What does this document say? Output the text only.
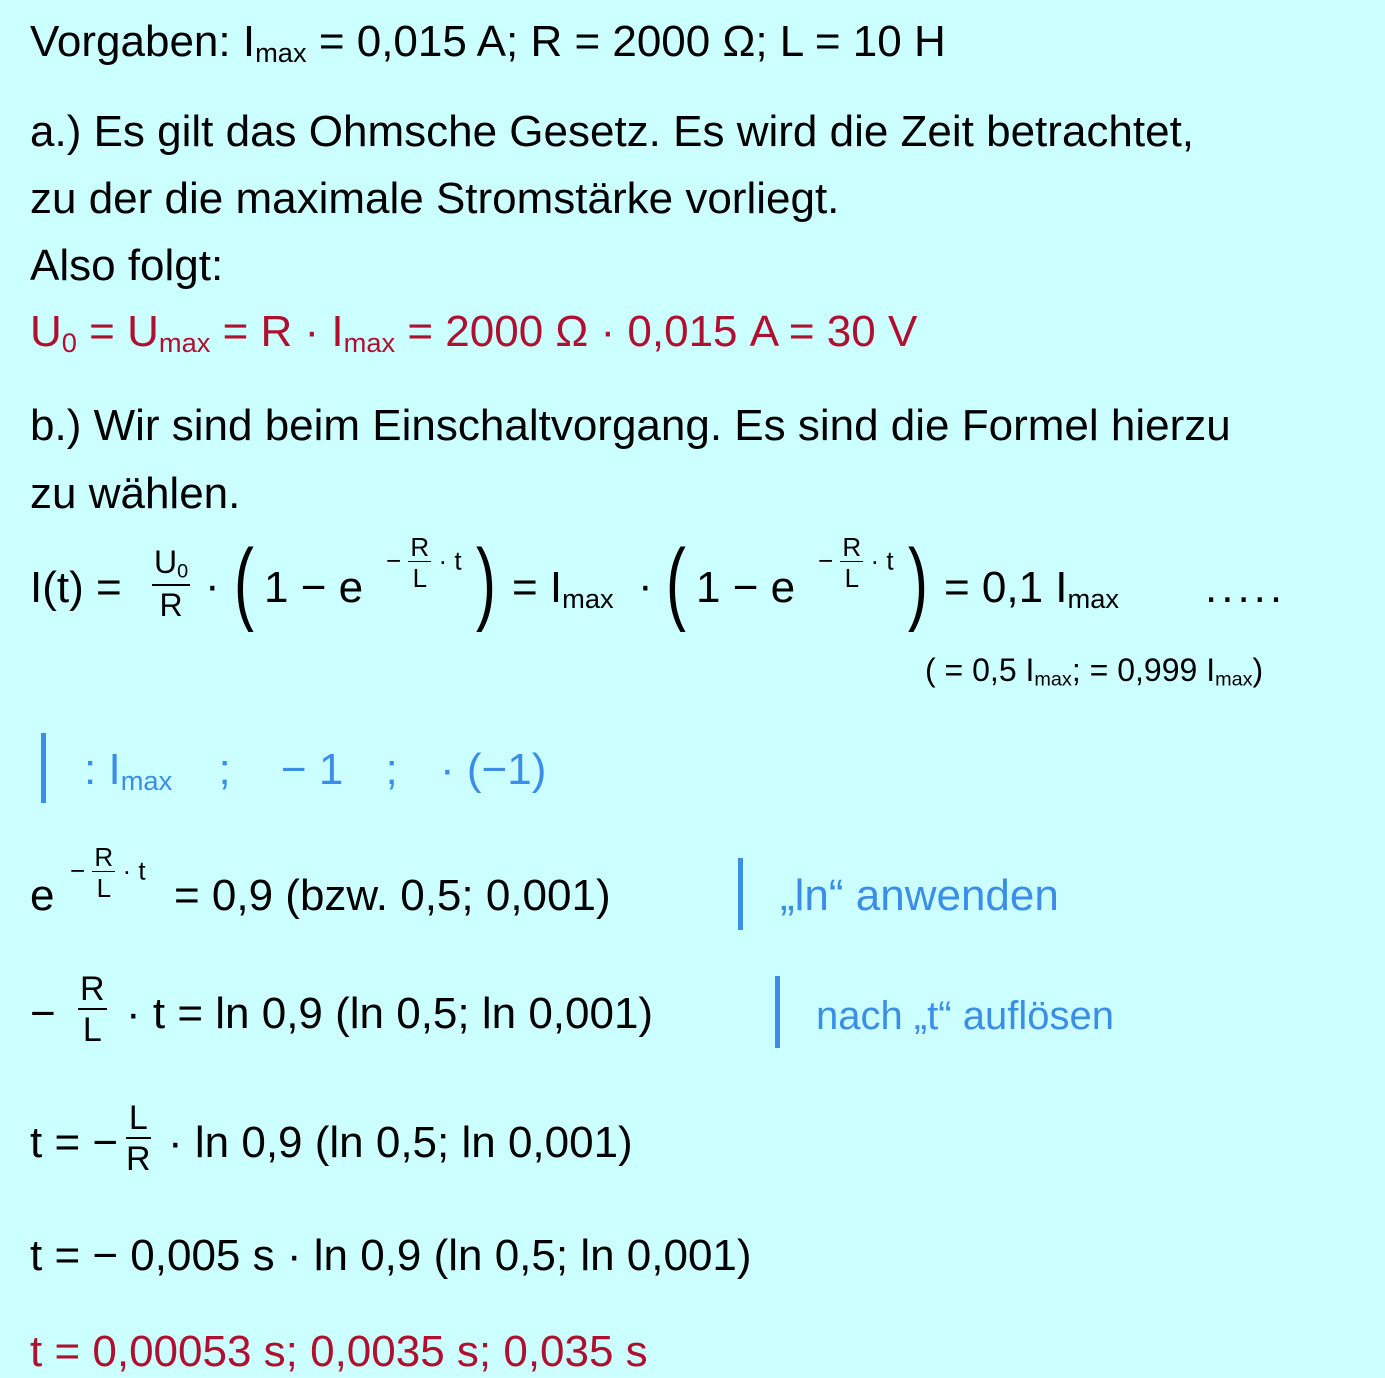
Vorgaben: $I_{max} = 0,015$ A; R = 2000 Ω; L = 10 H
a.) Es gilt das Ohmsche Gesetz. Es wird die Zeit betrachtet,
zu der die maximale Stromstärke vorliegt.
Also folgt:
$U_0 = U_{max} = R \cdot I_{max} = 2000$ Ω · 0,015 A = 30 V
b.) Wir sind beim Einschaltvorgang. Es sind die Formel hierzu
zu wählen.
$I(t) = \frac{U_0}{R}$ · ( 1 − e
− $\frac{R}{L} \cdot t$ ) = $I_{max}$ · ( 1 − e
− $\frac{R}{L} \cdot t$ ) = 0,1 $I_{max}$ .....
( = 0,5 $I_{max}$; = 0,999 $I_{max}$)
: $I_{max}$ ; − 1 ; · (−1)
e
− $\frac{R}{L} \cdot t$
= 0,9 (bzw. 0,5; 0,001)	„ln“ anwenden
− $\frac{R}{L} \cdot t = \ln 0,9$ (ln 0,5; ln 0,001)	nach „t“ auflösen
t = − $\frac{L}{R} \cdot \ln 0,9$ (ln 0,5; ln 0,001)
t = − 0,005 s · ln 0,9 (ln 0,5; ln 0,001)
t = 0,00053 s; 0,0035 s; 0,035 s
